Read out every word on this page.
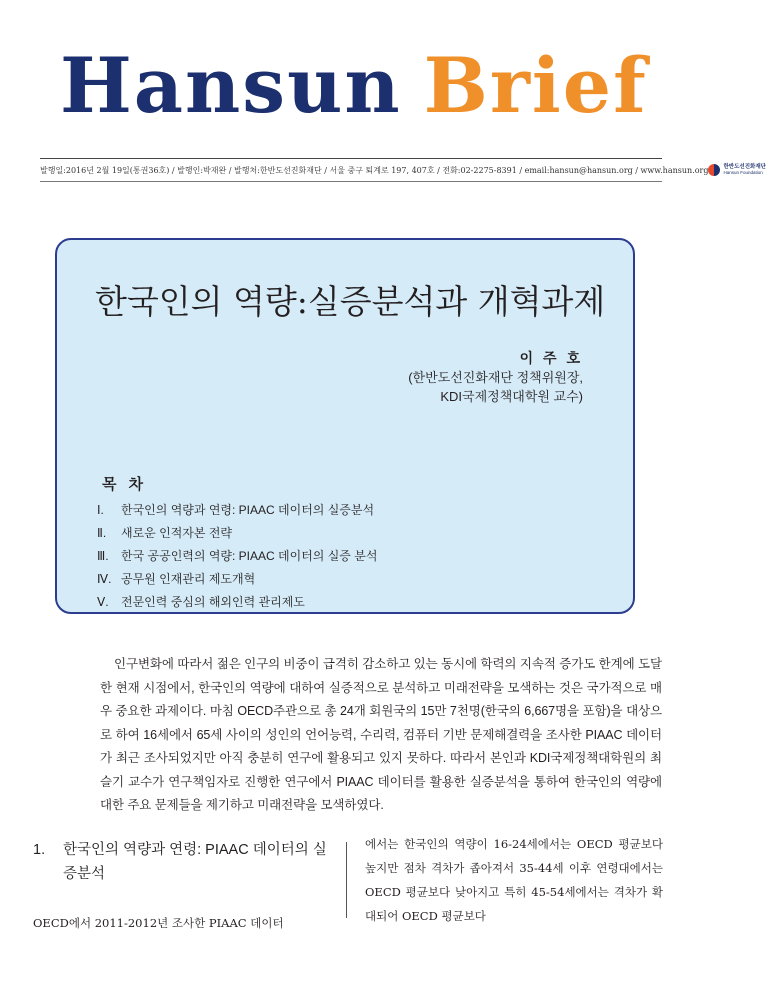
Hansun Brief
발행일:2016년 2월 19일(통권36호) / 발행인:박재완 / 발행처:한반도선진화재단 / 서울 중구 퇴계로 197, 407호 / 전화:02-2275-8391 / email:hansun@hansun.org / www.hansun.org	한반도선진화재단
Hansun Foundation
한국인의 역량:실증분석과 개혁과제
이 주 호
(한반도선진화재단 정책위원장,
KDI국제정책대학원 교수)
목 차
Ⅰ.	한국인의 역량과 연령: PIAAC 데이터의 실증분석
Ⅱ.	새로운 인적자본 전략
Ⅲ.	한국 공공인력의 역량: PIAAC 데이터의 실증 분석
Ⅳ. 공무원 인재관리 제도개혁
Ⅴ.	전문인력 중심의 해외인력 관리제도

인구변화에 따라서 젊은 인구의 비중이 급격히 감소하고 있는 동시에 학력의 지속적 증가도 한계에 도달한 현재 시점에서, 한국인의 역량에 대하여 실증적으로 분석하고 미래전략을 모색하는 것은 국가적으로 매우 중요한 과제이다. 마침 OECD주관으로 총 24개 회원국의 15만 7천명(한국의 6,667명을 포함)을 대상으로 하여 16세에서 65세 사이의 성인의 언어능력, 수리력, 컴퓨터 기반 문제해결력을 조사한 PIAAC 데이터가 최근 조사되었지만 아직 충분히 연구에 활용되고 있지 못하다. 따라서 본인과 KDI국제정책대학원의 최슬기 교수가 연구책임자로 진행한 연구에서 PIAAC 데이터를 활용한 실증분석을 통하여 한국인의 역량에 대한 주요 문제들을 제기하고 미래전략을 모색하였다.

1.	한국인의 역량과 연령: PIAAC 데이터의 실증분석

OECD에서 2011-2012년 조사한 PIAAC 데이터

에서는 한국인의 역량이 16-24세에서는 OECD 평균보다 높지만 점차 격차가 좁아져서 35-44세 이후 연령대에서는 OECD 평균보다 낮아지고 특히 45-54세에서는 격차가 확대되어 OECD 평균보다
